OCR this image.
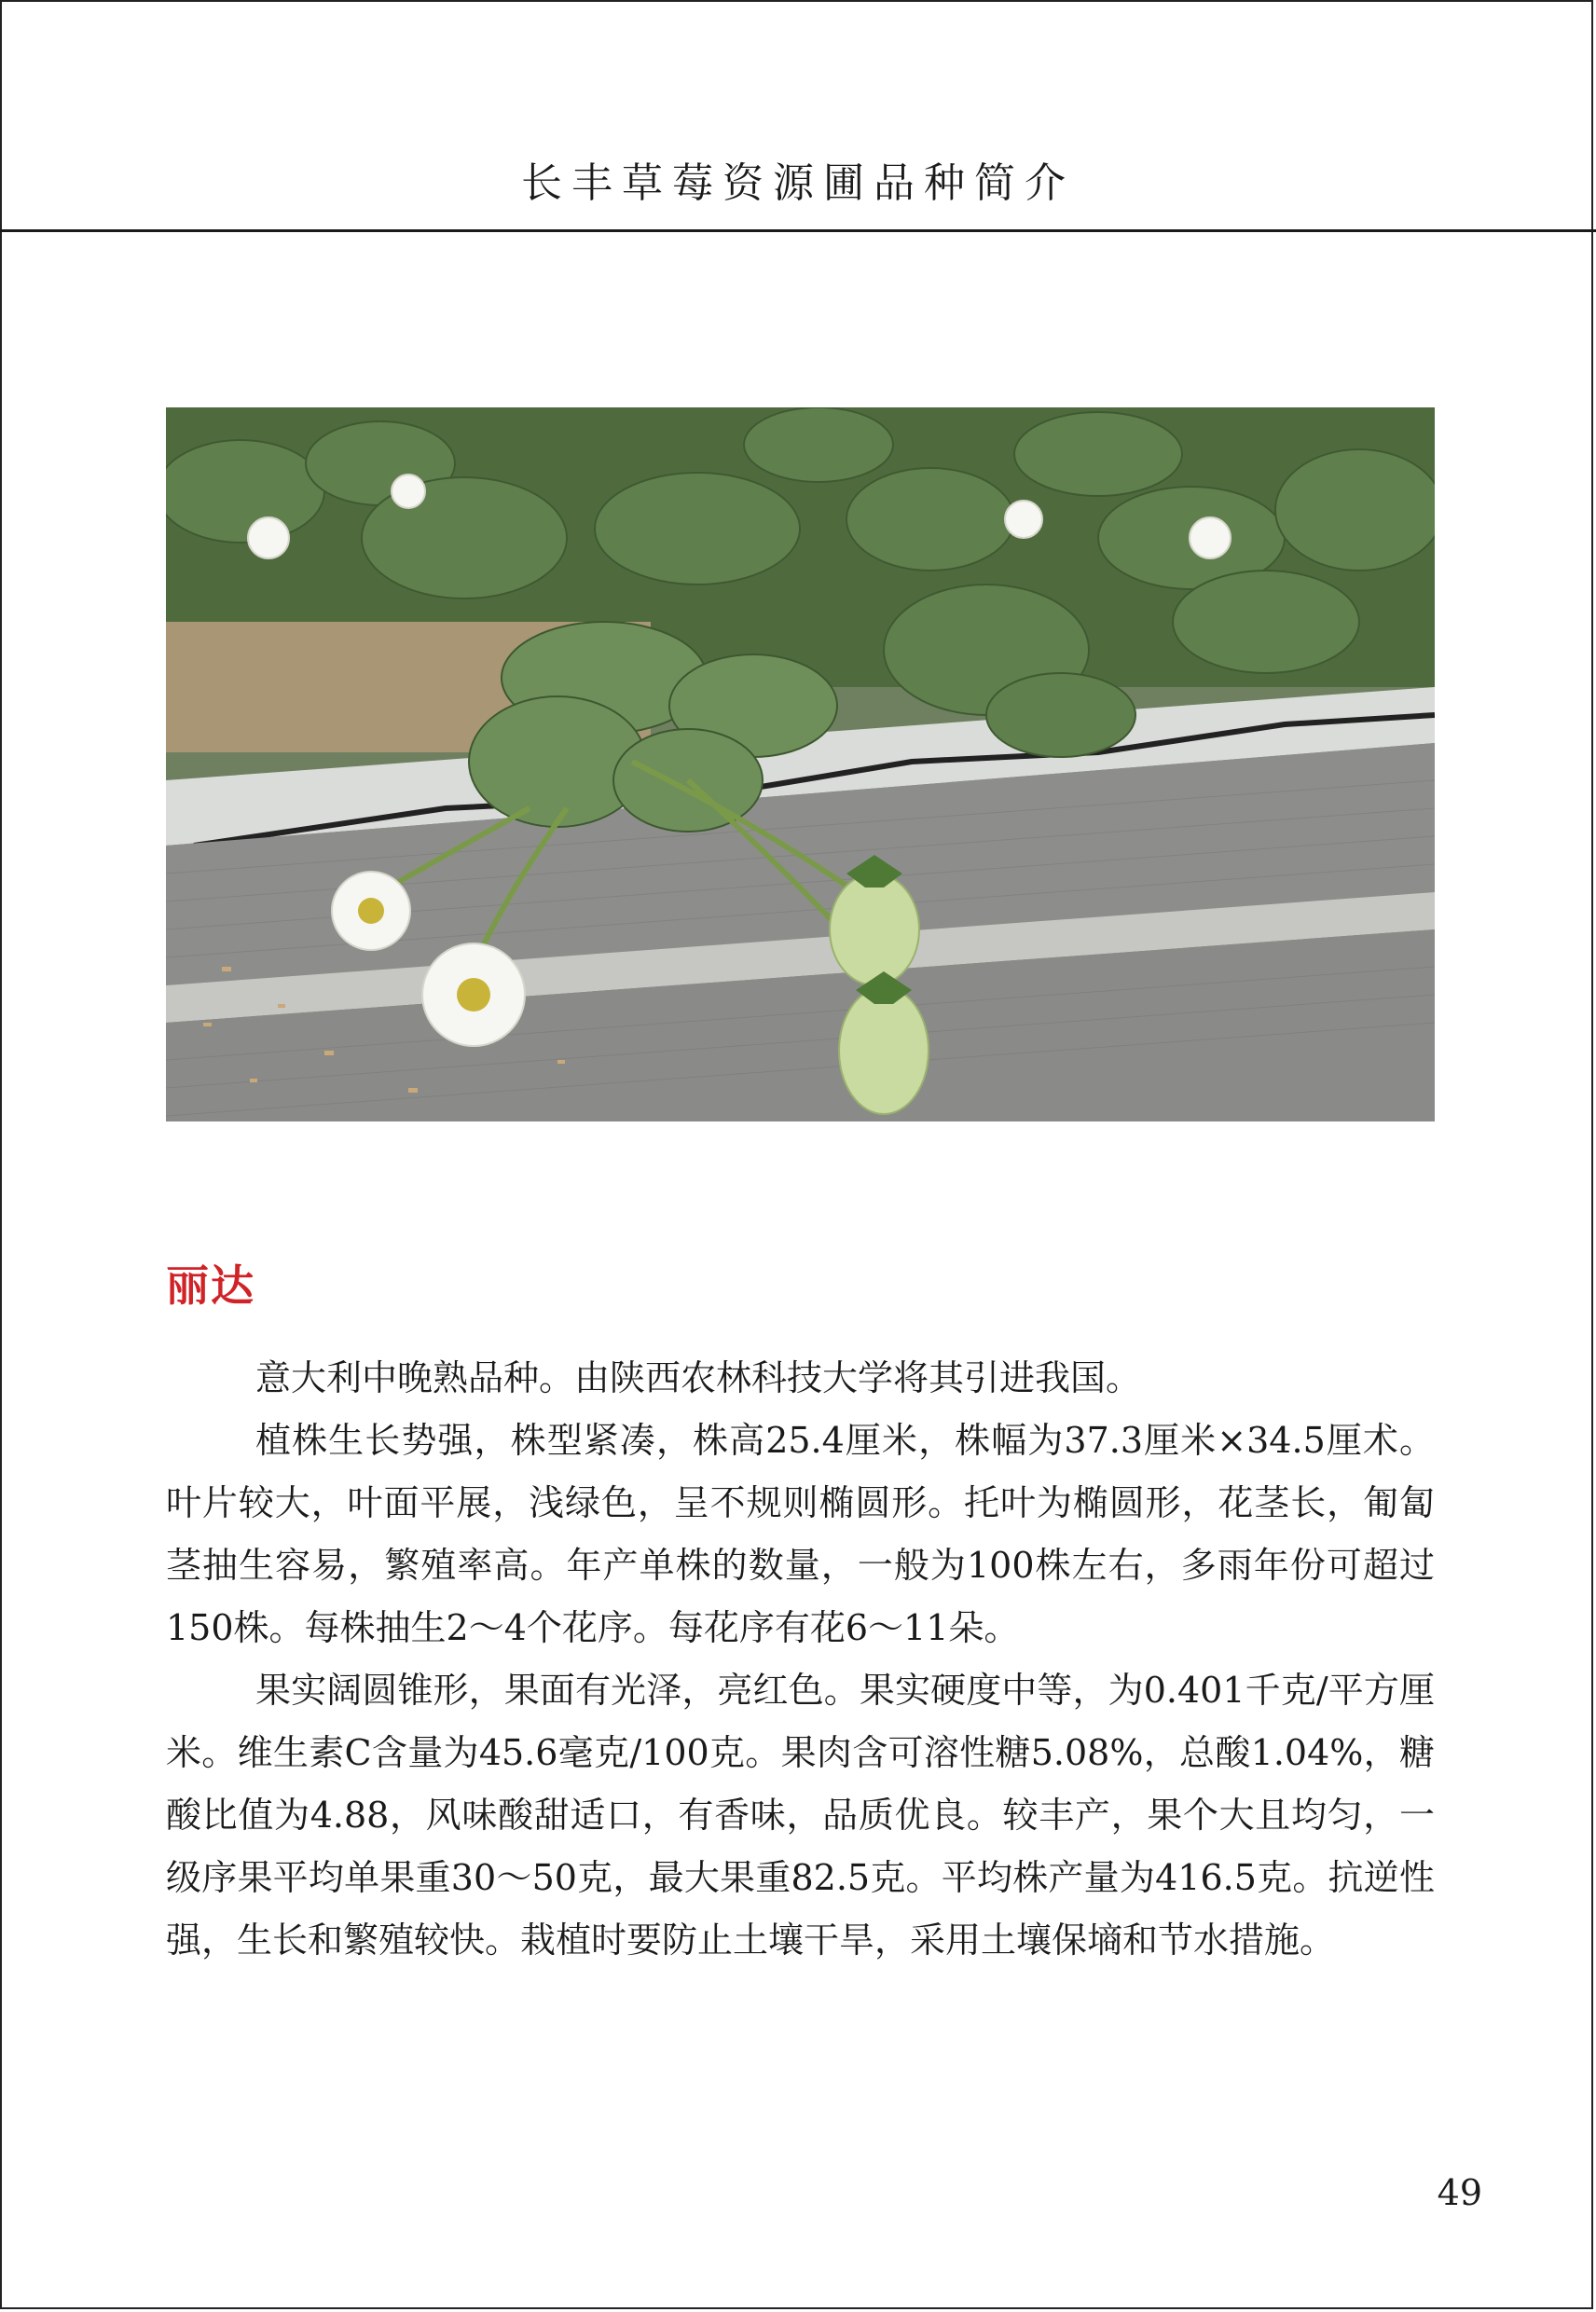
长丰草莓资源圃品种简介
丽达

意大利中晚熟品种。由陕西农林科技大学将其引进我国。

植株生长势强，株型紧凑，株高25.4厘米，株幅为37.3厘米×34.5厘术。叶片较大，叶面平展，浅绿色，呈不规则椭圆形。托叶为椭圆形，花茎长，匍匐茎抽生容易，繁殖率高。年产单株的数量，一般为100株左右，多雨年份可超过150株。每株抽生2～4个花序。每花序有花6～11朵。

果实阔圆锥形，果面有光泽，亮红色。果实硬度中等，为0.401千克/平方厘米。维生素C含量为45.6毫克/100克。果肉含可溶性糖5.08%，总酸1.04%，糖酸比值为4.88，风味酸甜适口，有香味，品质优良。较丰产，果个大且均匀，一级序果平均单果重30～50克，最大果重82.5克。平均株产量为416.5克。抗逆性强，生长和繁殖较快。栽植时要防止土壤干旱，采用土壤保墒和节水措施。

49
